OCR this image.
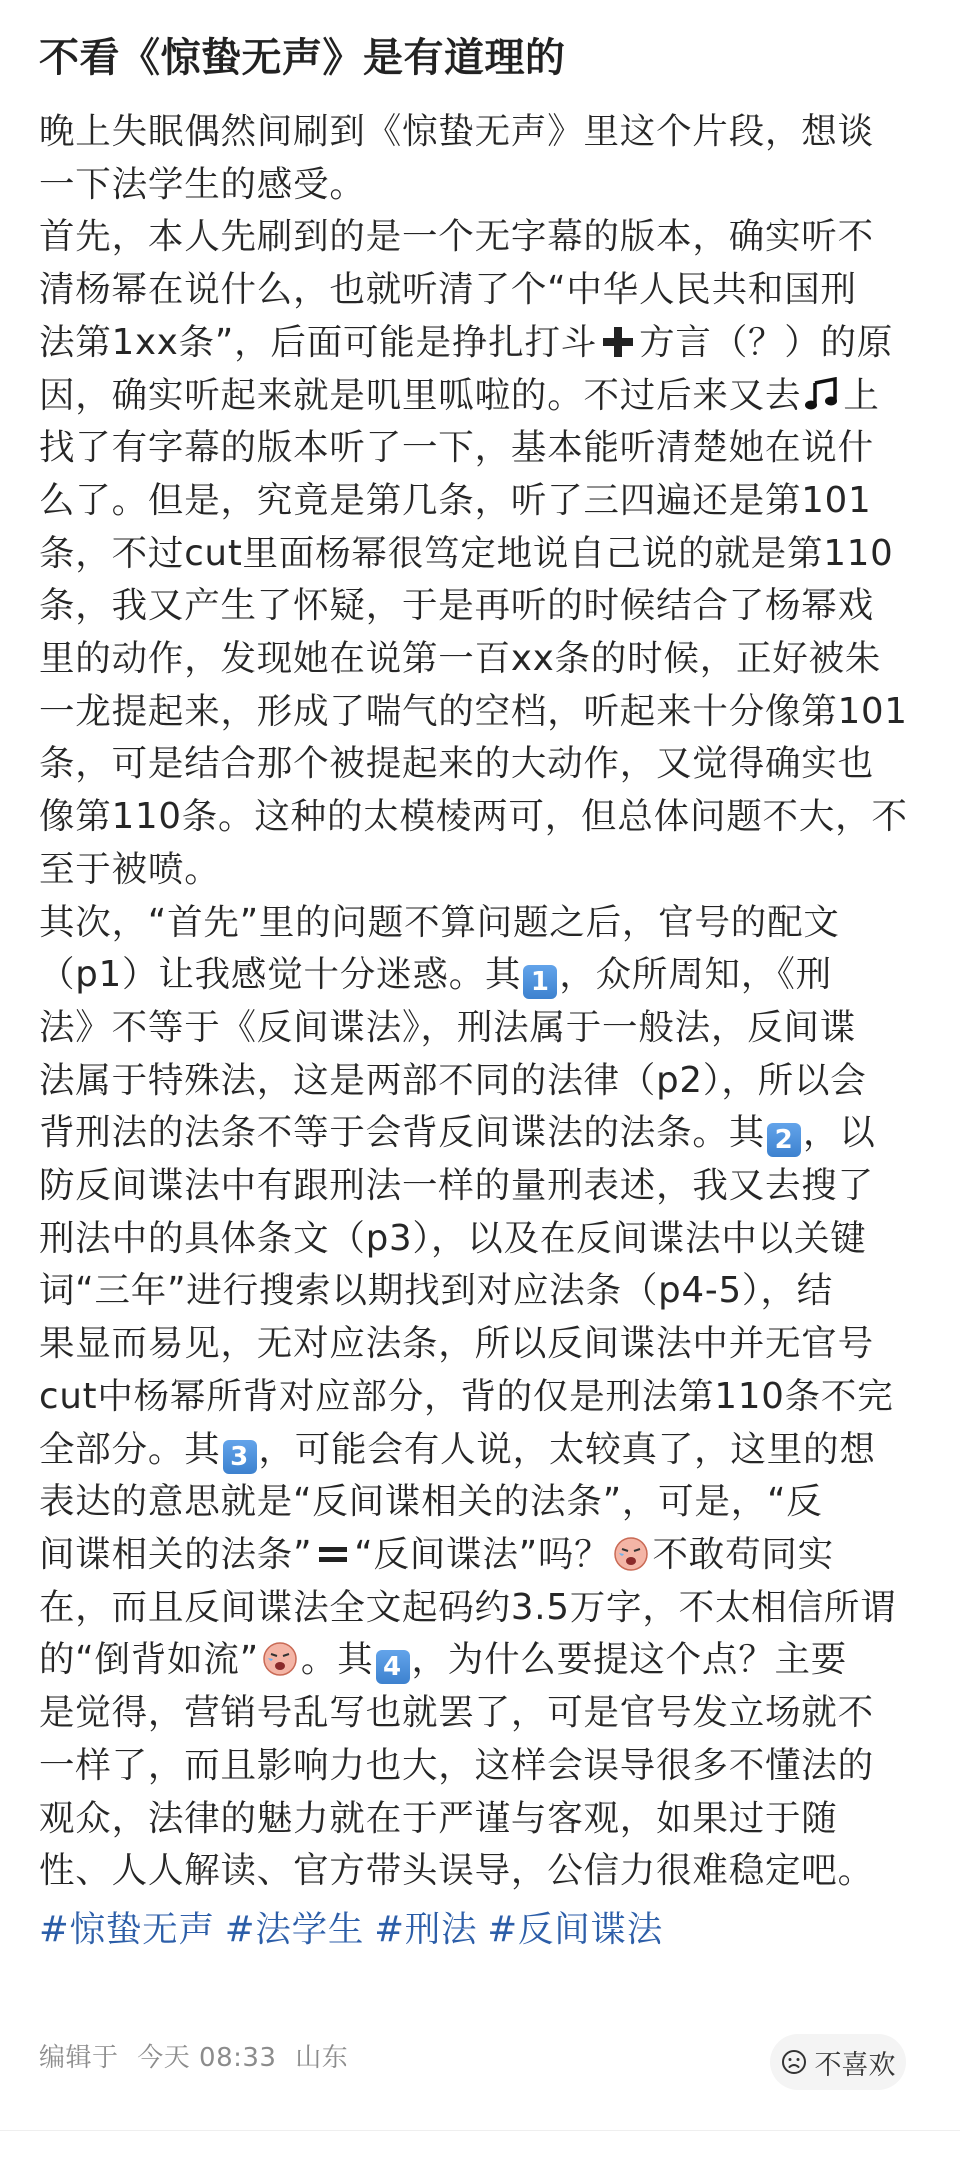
不看《惊蛰无声》是有道理的
晚上失眠偶然间刷到《惊蛰无声》里这个片段，想谈
一下法学生的感受。
首先，本人先刷到的是一个无字幕的版本，确实听不
清杨幂在说什么，也就听清了个“中华人民共和国刑
法第1xx条”，后面可能是挣扎打斗 方言（？）的原
因，确实听起来就是叽里呱啦的。不过后来又去 上
找了有字幕的版本听了一下，基本能听清楚她在说什
么了。但是，究竟是第几条，听了三四遍还是第101
条，不过cut里面杨幂很笃定地说自己说的就是第110
条，我又产生了怀疑，于是再听的时候结合了杨幂戏
里的动作，发现她在说第一百xx条的时候，正好被朱
一龙提起来，形成了喘气的空档，听起来十分像第101
条，可是结合那个被提起来的大动作，又觉得确实也
像第110条。这种的太模棱两可，但总体问题不大，不
至于被喷。
其次，“首先”里的问题不算问题之后，官号的配文
（p1）让我感觉十分迷惑。其 1 ，众所周知，《刑
法》不等于《反间谍法》，刑法属于一般法，反间谍
法属于特殊法，这是两部不同的法律（p2），所以会
背刑法的法条不等于会背反间谍法的法条。其 2 ，以
防反间谍法中有跟刑法一样的量刑表述，我又去搜了
刑法中的具体条文（p3），以及在反间谍法中以关键
词“三年”进行搜索以期找到对应法条（p4-5），结
果显而易见，无对应法条，所以反间谍法中并无官号
cut中杨幂所背对应部分，背的仅是刑法第110条不完
全部分。其 3 ，可能会有人说，太较真了，这里的想
表达的意思就是“反间谍相关的法条”，可是，“反
间谍相关的法条” “反间谍法”吗？ 不敢苟同实
在，而且反间谍法全文起码约3.5万字，不太相信所谓
的“倒背如流” 。其 4 ，为什么要提这个点？主要
是觉得，营销号乱写也就罢了，可是官号发立场就不
一样了，而且影响力也大，这样会误导很多不懂法的
观众，法律的魅力就在于严谨与客观，如果过于随
性、人人解读、官方带头误导，公信力很难稳定吧。
#惊蛰无声 #法学生 #刑法 #反间谍法
编辑于 今天 08:33 山东	不喜欢
